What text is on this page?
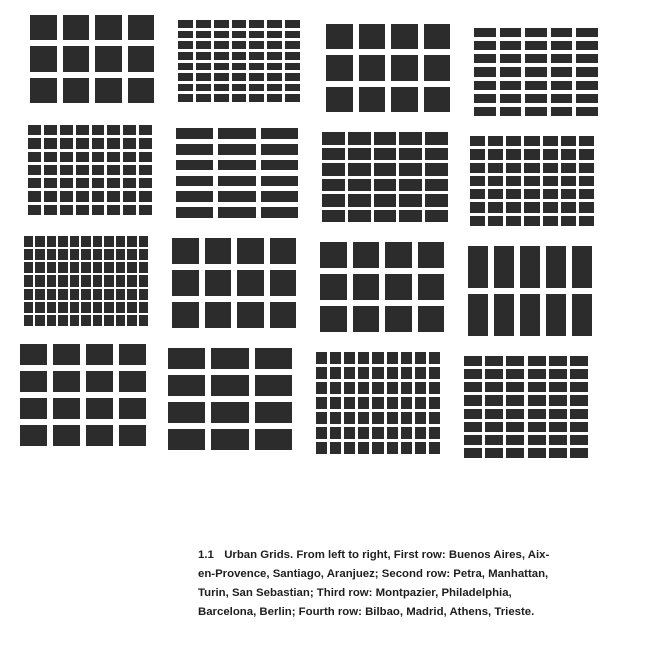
1.1 Urban Grids. From left to right, First row: Buenos Aires, Aix-
en-Provence, Santiago, Aranjuez; Second row: Petra, Manhattan,
Turin, San Sebastian; Third row: Montpazier, Philadelphia,
Barcelona, Berlin; Fourth row: Bilbao, Madrid, Athens, Trieste.
